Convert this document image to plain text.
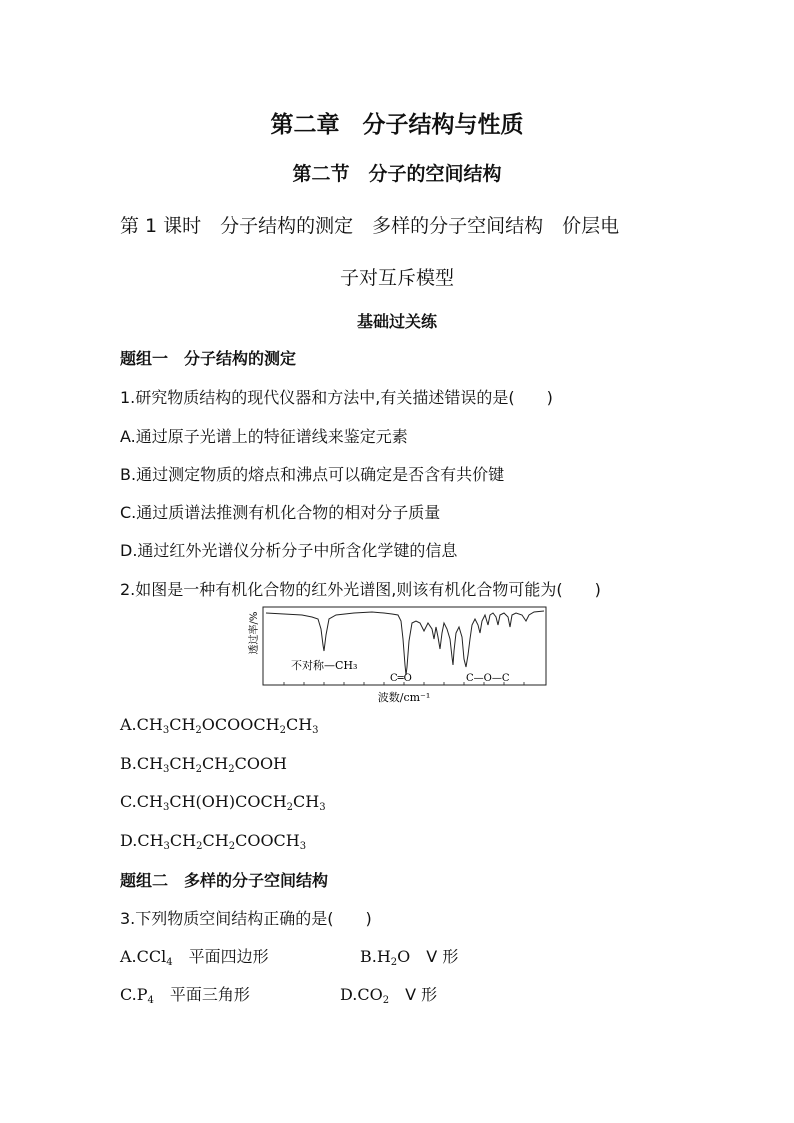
第二章　分子结构与性质
第二节　分子的空间结构
第 1 课时　分子结构的测定　多样的分子空间结构　价层电
子对互斥模型
基础过关练
题组一　分子结构的测定
1.研究物质结构的现代仪器和方法中,有关描述错误的是(　　)
A.通过原子光谱上的特征谱线来鉴定元素
B.通过测定物质的熔点和沸点可以确定是否含有共价键
C.通过质谱法推测有机化合物的相对分子质量
D.通过红外光谱仪分析分子中所含化学键的信息
2.如图是一种有机化合物的红外光谱图,则该有机化合物可能为(　　)
透过率/%
不对称—CH₃
C═O	C—O—C
波数/cm⁻¹
$A.CH_3CH_2OCOOCH_2CH_3$
$B.CH_3CH_2CH_2COOH$
$C.CH_3CH(OH)COCH_2CH_3$
$D.CH_3CH_2CH_2COOCH_3$
题组二　多样的分子空间结构
3.下列物质空间结构正确的是(　　)
A.CCl$_4$　平面四边形	$B.H_2O$　V 形
$C.P_4$　平面三角形	$D.CO_2$　V 形
